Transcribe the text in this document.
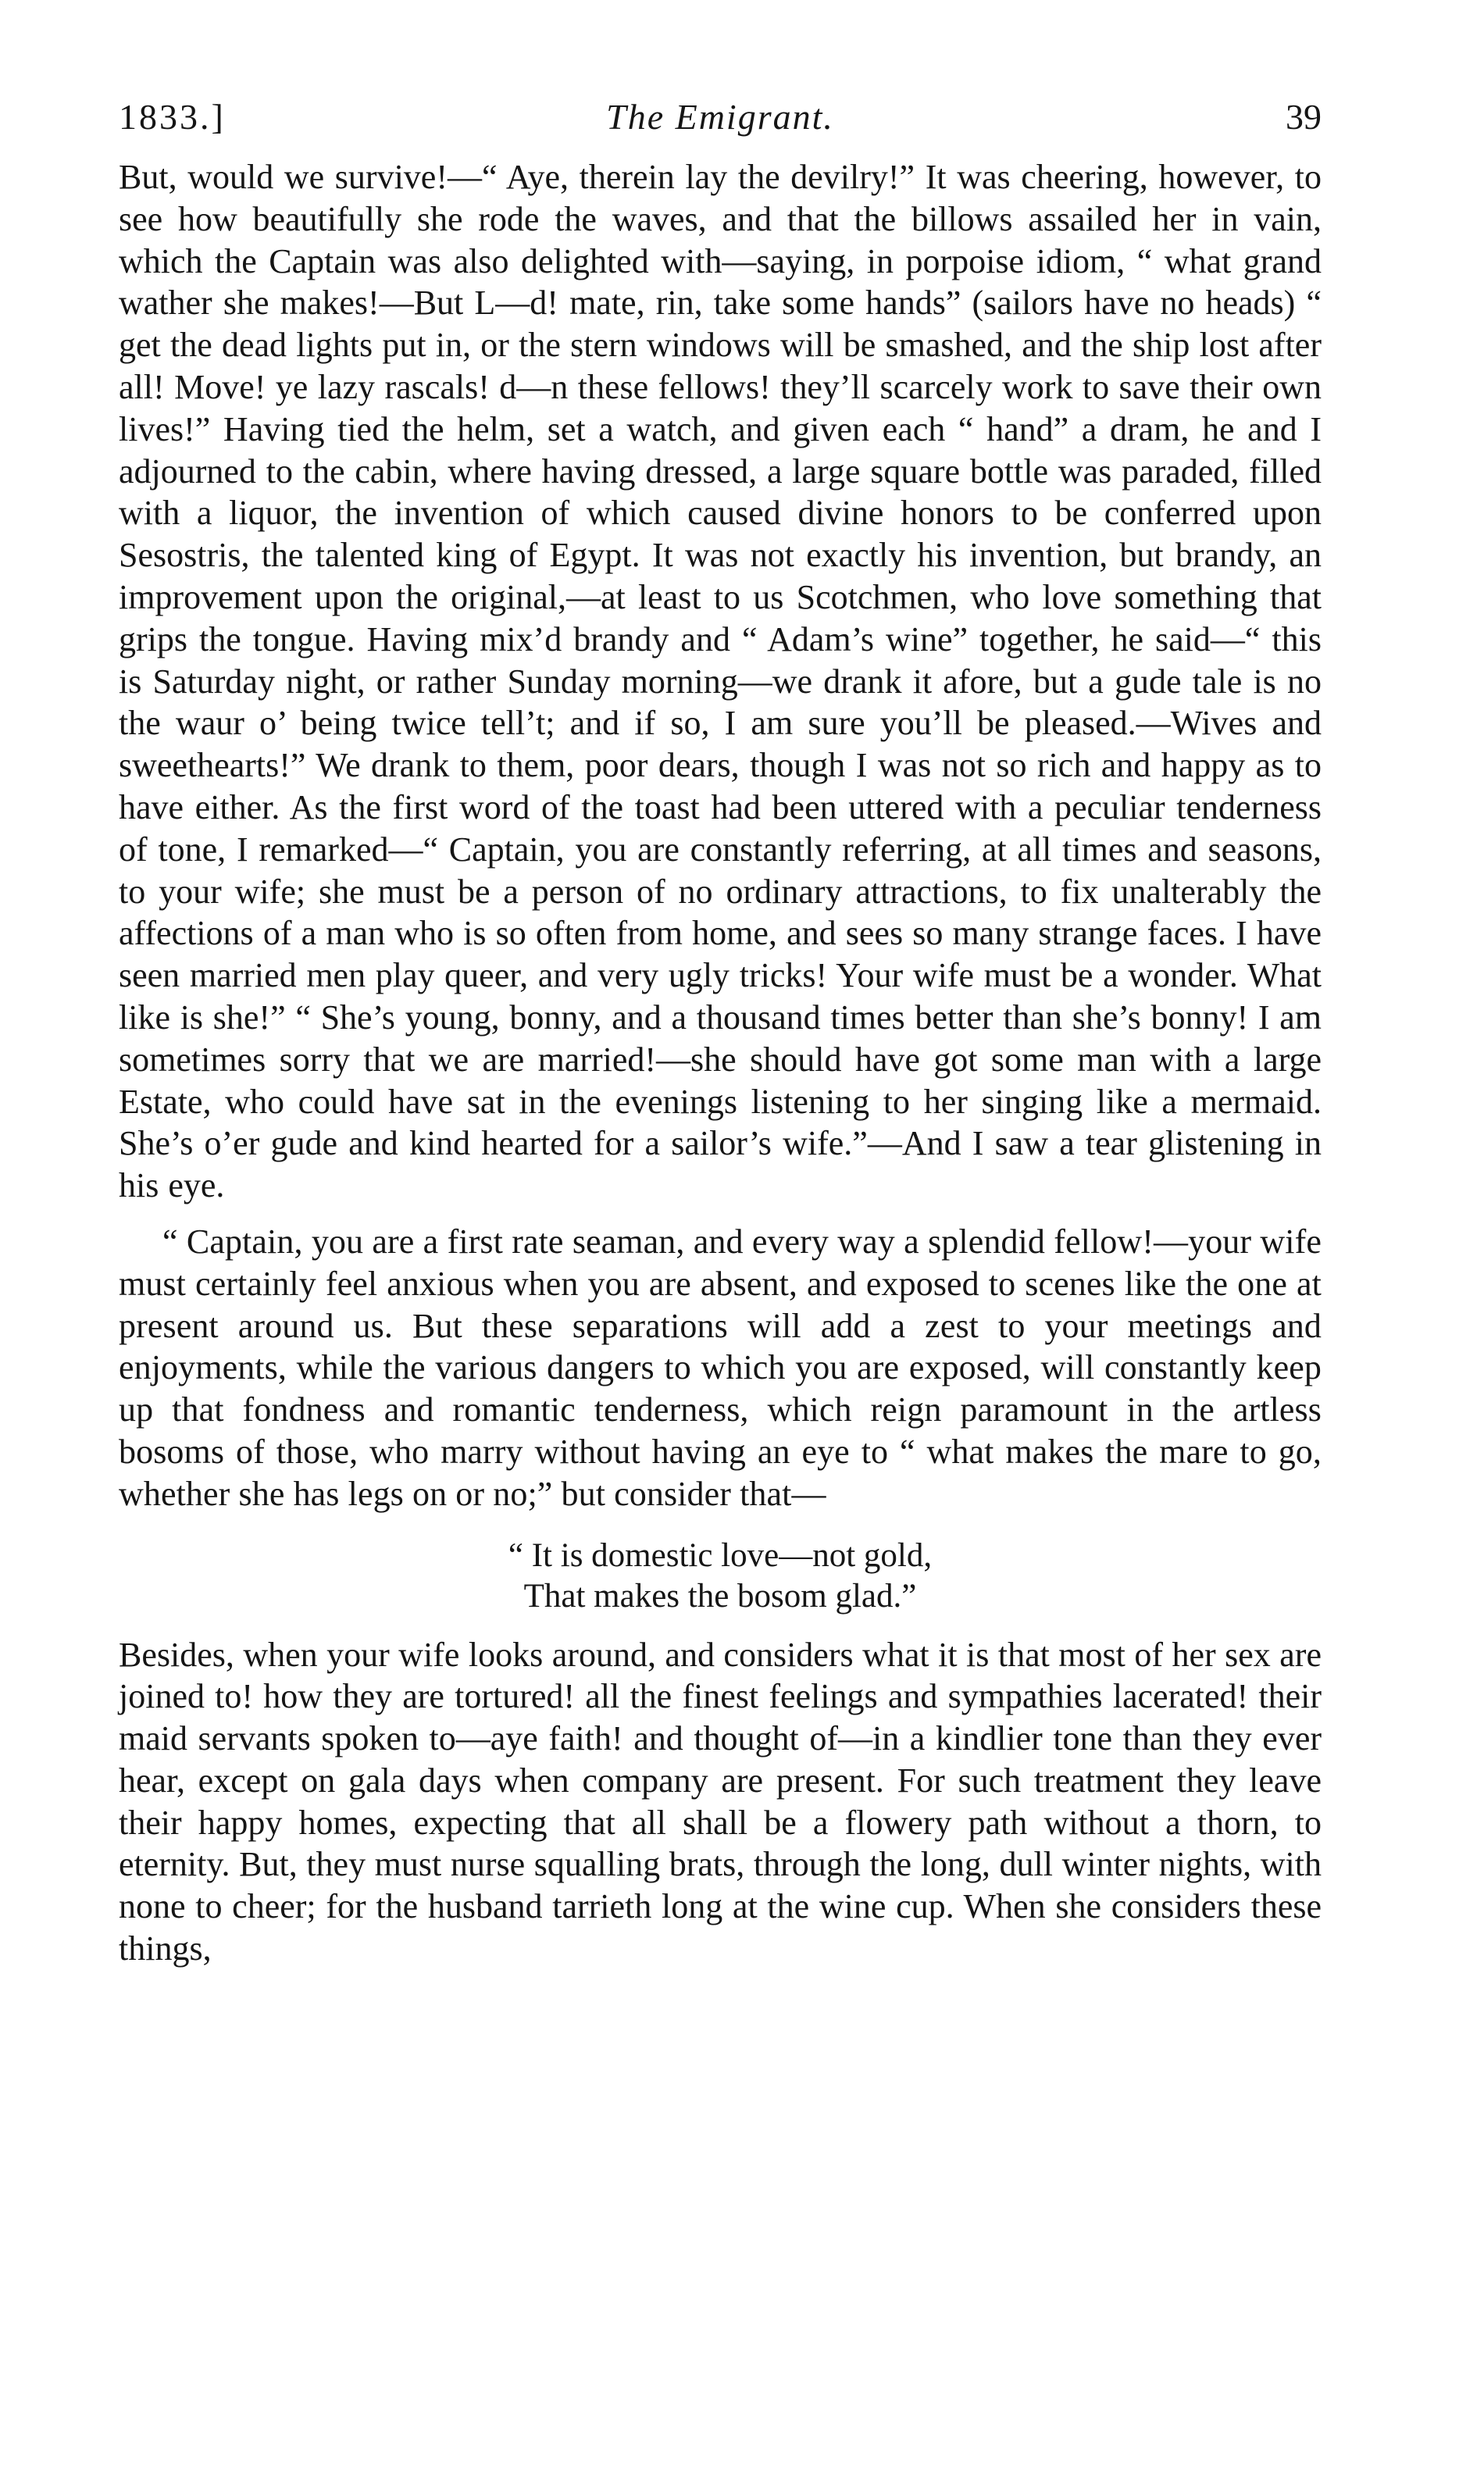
1833.]	The Emigrant.	39

But, would we survive!—“ Aye, therein lay the devilry!” It was cheering, however, to see how beautifully she rode the waves, and that the billows assailed her in vain, which the Captain was also delighted with—saying, in porpoise idiom, “ what grand wather she makes!—But L—d! mate, rin, take some hands” (sailors have no heads) “ get the dead lights put in, or the stern windows will be smashed, and the ship lost after all! Move! ye lazy rascals! d—n these fellows! they’ll scarcely work to save their own lives!” Having tied the helm, set a watch, and given each “ hand” a dram, he and I adjourned to the cabin, where having dressed, a large square bottle was paraded, filled with a liquor, the invention of which caused divine honors to be conferred upon Sesostris, the talented king of Egypt. It was not exactly his invention, but brandy, an improvement upon the original,—at least to us Scotchmen, who love something that grips the tongue. Having mix’d brandy and “ Adam’s wine” together, he said—“ this is Saturday night, or rather Sunday morning—we drank it afore, but a gude tale is no the waur o’ being twice tell’t; and if so, I am sure you’ll be pleased.—Wives and sweethearts!” We drank to them, poor dears, though I was not so rich and happy as to have either. As the first word of the toast had been uttered with a peculiar tenderness of tone, I remarked—“ Captain, you are constantly referring, at all times and seasons, to your wife; she must be a person of no ordinary attractions, to fix unalterably the affections of a man who is so often from home, and sees so many strange faces. I have seen married men play queer, and very ugly tricks! Your wife must be a wonder. What like is she!” “ She’s young, bonny, and a thousand times better than she’s bonny! I am sometimes sorry that we are married!—she should have got some man with a large Estate, who could have sat in the evenings listening to her singing like a mermaid. She’s o’er gude and kind hearted for a sailor’s wife.”—And I saw a tear glistening in his eye.

“ Captain, you are a first rate seaman, and every way a splendid fellow!—your wife must certainly feel anxious when you are absent, and exposed to scenes like the one at present around us. But these separations will add a zest to your meetings and enjoyments, while the various dangers to which you are exposed, will constantly keep up that fondness and romantic tenderness, which reign paramount in the artless bosoms of those, who marry without having an eye to “ what makes the mare to go, whether she has legs on or no;” but consider that—

“ It is domestic love—not gold,
That makes the bosom glad.”

Besides, when your wife looks around, and considers what it is that most of her sex are joined to! how they are tortured! all the finest feelings and sympathies lacerated! their maid servants spoken to—aye faith! and thought of—in a kindlier tone than they ever hear, except on gala days when company are present. For such treatment they leave their happy homes, expecting that all shall be a flowery path without a thorn, to eternity. But, they must nurse squalling brats, through the long, dull winter nights, with none to cheer; for the husband tarrieth long at the wine cup. When she considers these things,
